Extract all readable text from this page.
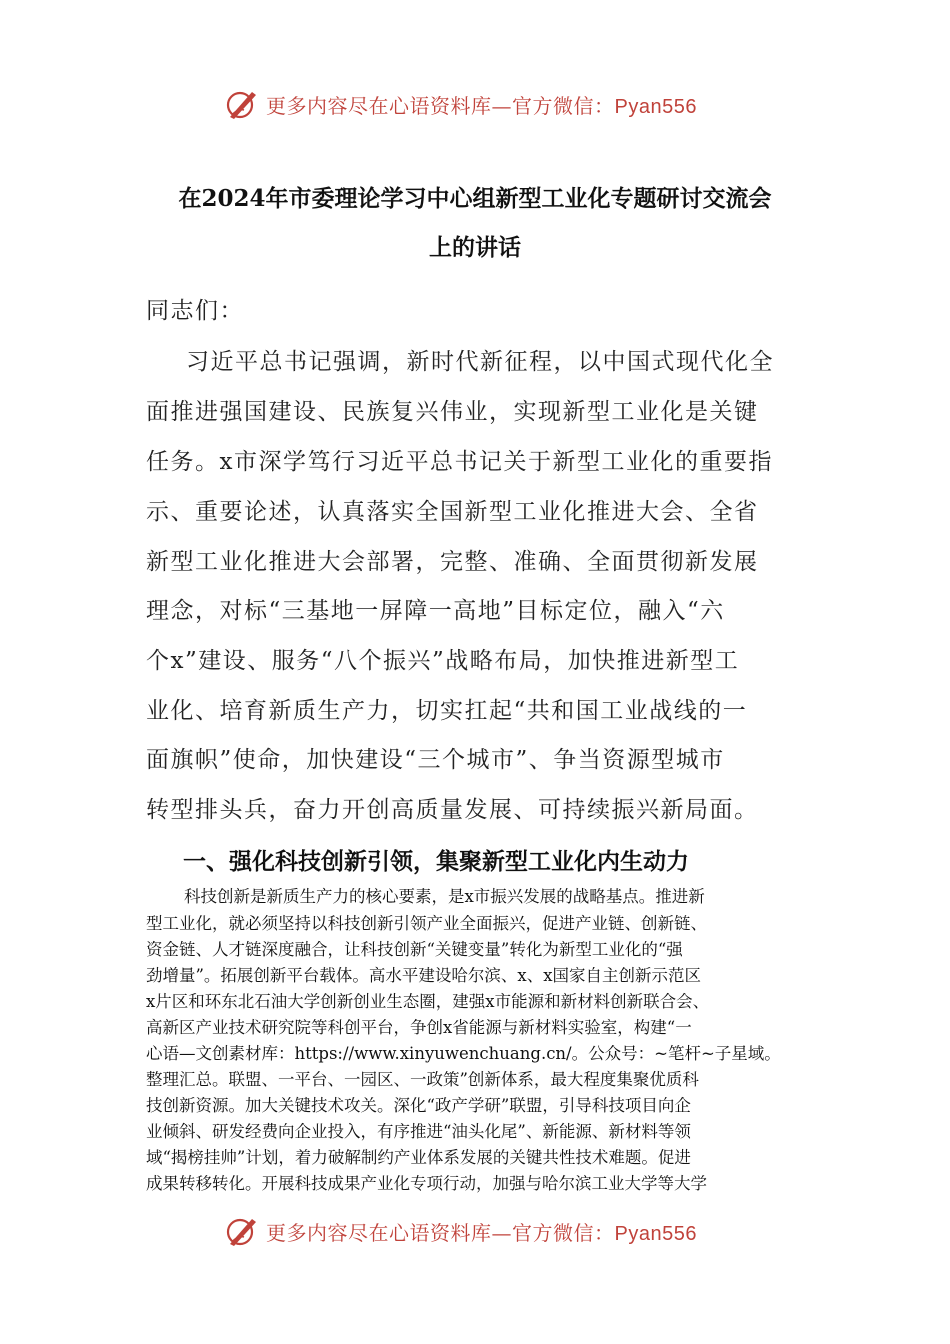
更多内容尽在心语资料库—官方微信：Pyan556
在2024年市委理论学习中心组新型工业化专题研讨交流会
上的讲话
同志们：
习近平总书记强调，新时代新征程，以中国式现代化全
面推进强国建设、民族复兴伟业，实现新型工业化是关键
任务。x市深学笃行习近平总书记关于新型工业化的重要指
示、重要论述，认真落实全国新型工业化推进大会、全省
新型工业化推进大会部署，完整、准确、全面贯彻新发展
理念，对标“三基地一屏障一高地”目标定位，融入“六
个x”建设、服务“八个振兴”战略布局，加快推进新型工
业化、培育新质生产力，切实扛起“共和国工业战线的一
面旗帜”使命，加快建设“三个城市”、争当资源型城市
转型排头兵，奋力开创高质量发展、可持续振兴新局面。
一、强化科技创新引领，集聚新型工业化内生动力
科技创新是新质生产力的核心要素，是x市振兴发展的战略基点。推进新
型工业化，就必须坚持以科技创新引领产业全面振兴，促进产业链、创新链、
资金链、人才链深度融合，让科技创新“关键变量”转化为新型工业化的“强
劲增量”。拓展创新平台载体。高水平建设哈尔滨、x、x国家自主创新示范区
x片区和环东北石油大学创新创业生态圈，建强x市能源和新材料创新联合会、
高新区产业技术研究院等科创平台，争创x省能源与新材料实验室，构建“一
心语—文创素材库：https://www.xinyuwenchuang.cn/。公众号：~笔杆~子星域。
整理汇总。联盟、一平台、一园区、一政策”创新体系，最大程度集聚优质科
技创新资源。加大关键技术攻关。深化“政产学研”联盟，引导科技项目向企
业倾斜、研发经费向企业投入，有序推进“油头化尾”、新能源、新材料等领
域“揭榜挂帅”计划，着力破解制约产业体系发展的关键共性技术难题。促进
成果转移转化。开展科技成果产业化专项行动，加强与哈尔滨工业大学等大学
更多内容尽在心语资料库—官方微信：Pyan556
